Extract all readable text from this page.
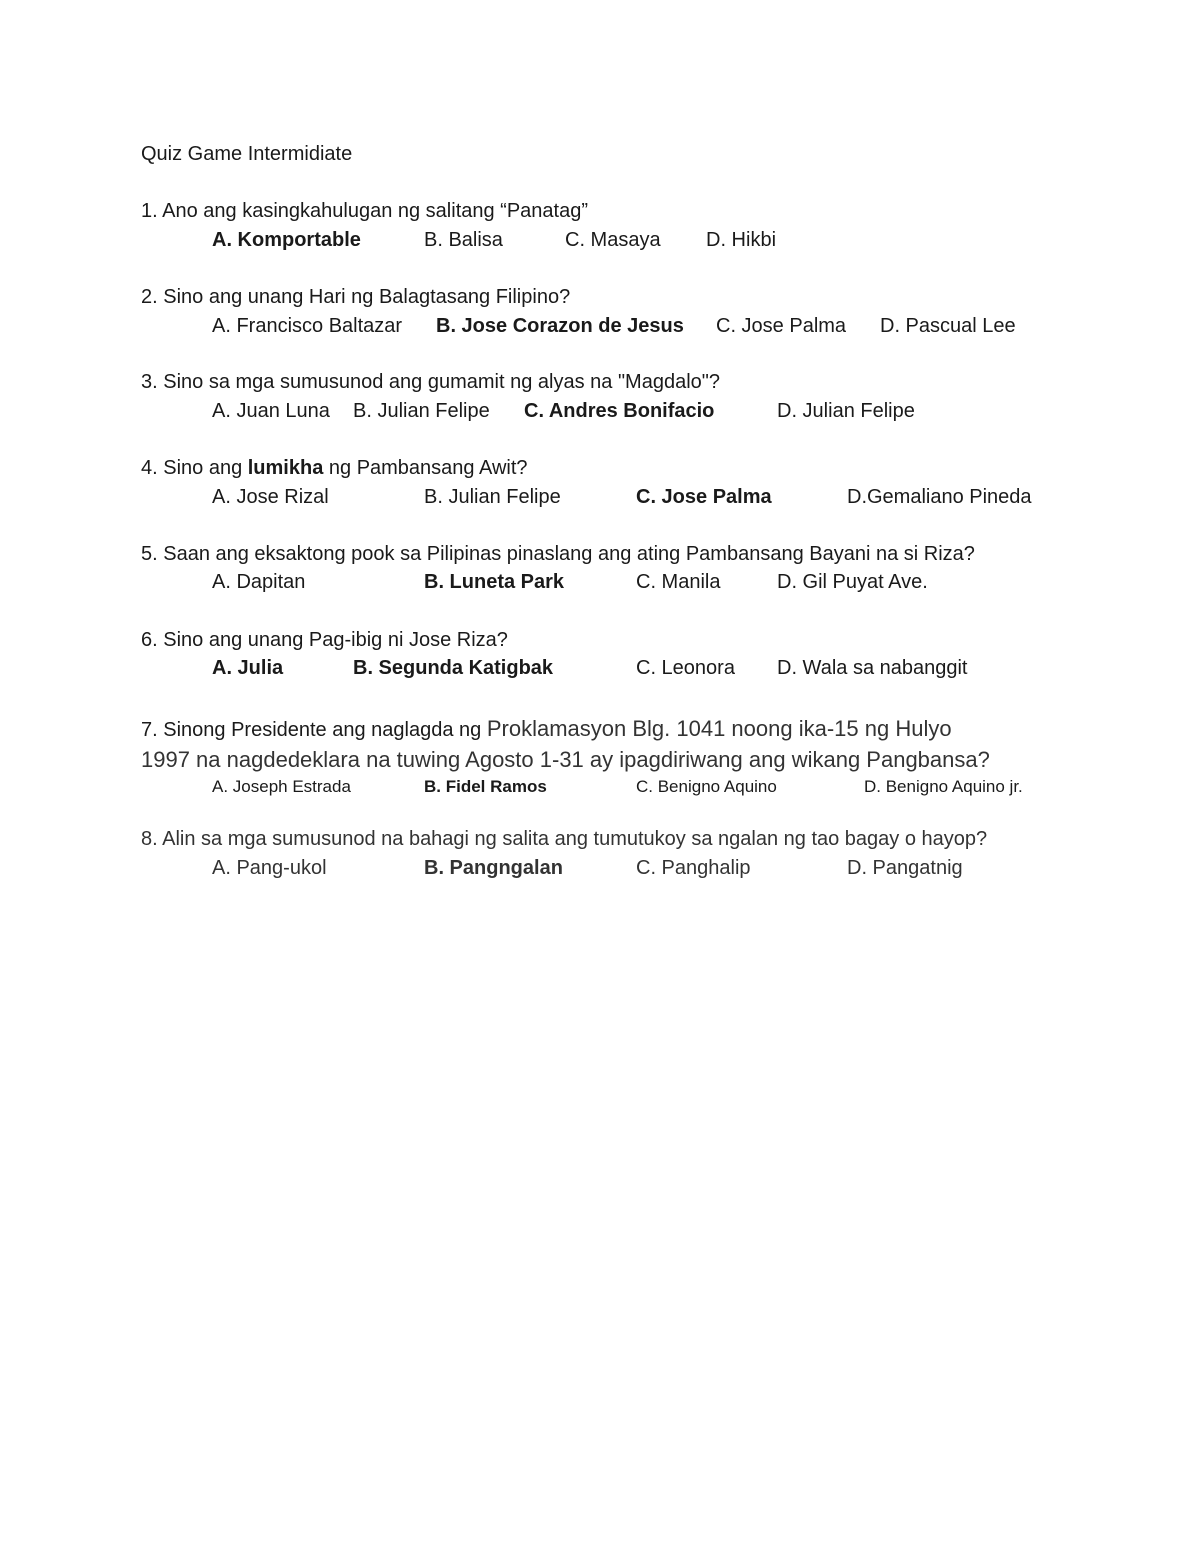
Quiz Game Intermidiate
1. Ano ang kasingkahulugan ng salitang “Panatag”
A. Komportable	B. Balisa	C. Masaya D. Hikbi
2. Sino ang unang Hari ng Balagtasang Filipino?
A. Francisco Baltazar B. Jose Corazon de Jesus C. Jose Palma D. Pascual Lee
3. Sino sa mga sumusunod ang gumamit ng alyas na "Magdalo"?
A. Juan Luna B. Julian Felipe C. Andres Bonifacio	D. Julian Felipe
4. Sino ang lumikha ng Pambansang Awit?
A. Jose Rizal	B. Julian Felipe	C. Jose Palma	D.Gemaliano Pineda
5. Saan ang eksaktong pook sa Pilipinas pinaslang ang ating Pambansang Bayani na si Riza?
A. Dapitan	B. Luneta Park	C. Manila	D. Gil Puyat Ave.
6. Sino ang unang Pag-ibig ni Jose Riza?
A. Julia	B. Segunda Katigbak	C. Leonora D. Wala sa nabanggit
7. Sinong Presidente ang naglagda ng Proklamasyon Blg. 1041 noong ika-15 ng Hulyo
1997 na nagdedeklara na tuwing Agosto 1-31 ay ipagdiriwang ang wikang Pangbansa?
A. Joseph Estrada	B. Fidel Ramos	C. Benigno Aquino	D. Benigno Aquino jr.
8. Alin sa mga sumusunod na bahagi ng salita ang tumutukoy sa ngalan ng tao bagay o hayop?
A. Pang-ukol	B. Pangngalan	C. Panghalip	D. Pangatnig
